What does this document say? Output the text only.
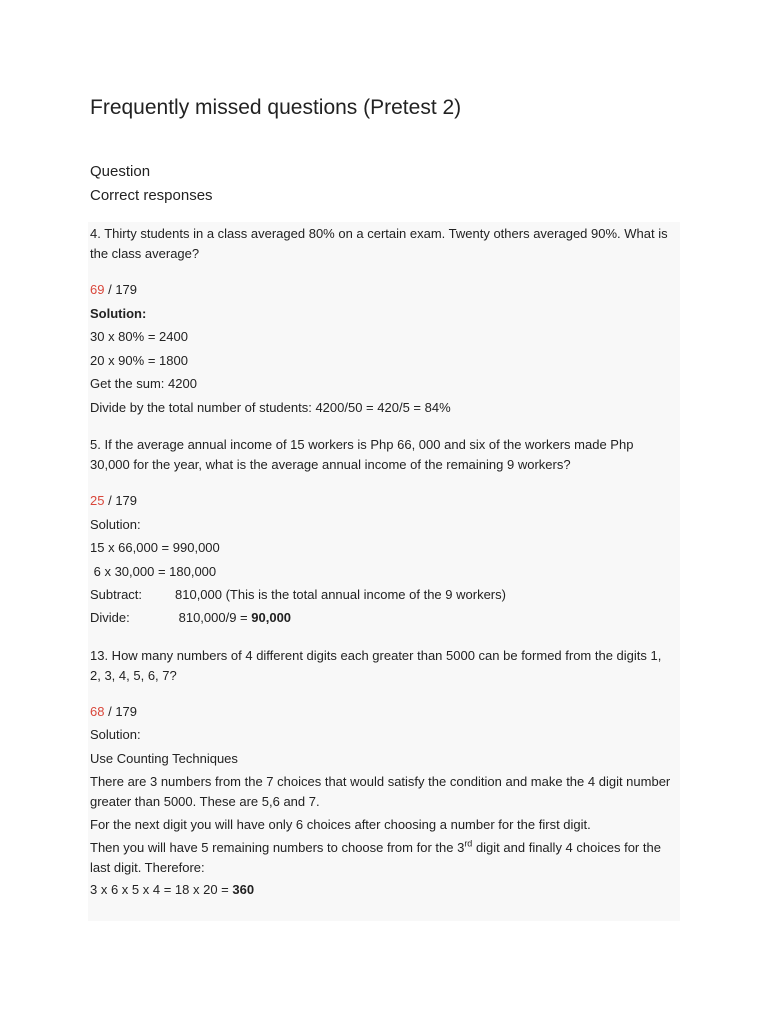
Frequently missed questions (Pretest 2)
Question
Correct responses
4. Thirty students in a class averaged 80% on a certain exam. Twenty others averaged 90%. What is the class average?
69 / 179
Solution:
30 x 80% = 2400
20 x 90% = 1800
Get the sum: 4200
Divide by the total number of students: 4200/50 = 420/5 = 84%
5. If the average annual income of 15 workers is Php 66, 000 and six of the workers made Php 30,000 for the year, what is the average annual income of the remaining 9 workers?
25 / 179
Solution:
15 x 66,000 = 990,000
6 x 30,000 = 180,000
Subtract:	810,000 (This is the total annual income of the 9 workers)
Divide:	810,000/9 = 90,000
13. How many numbers of 4 different digits each greater than 5000 can be formed from the digits 1, 2, 3, 4, 5, 6, 7?
68 / 179
Solution:
Use Counting Techniques
There are 3 numbers from the 7 choices that would satisfy the condition and make the 4 digit number greater than 5000. These are 5,6 and 7.
For the next digit you will have only 6 choices after choosing a number for the first digit.
Then you will have 5 remaining numbers to choose from for the 3rd digit and finally 4 choices for the last digit. Therefore:
3 x 6 x 5 x 4 = 18 x 20 = 360
